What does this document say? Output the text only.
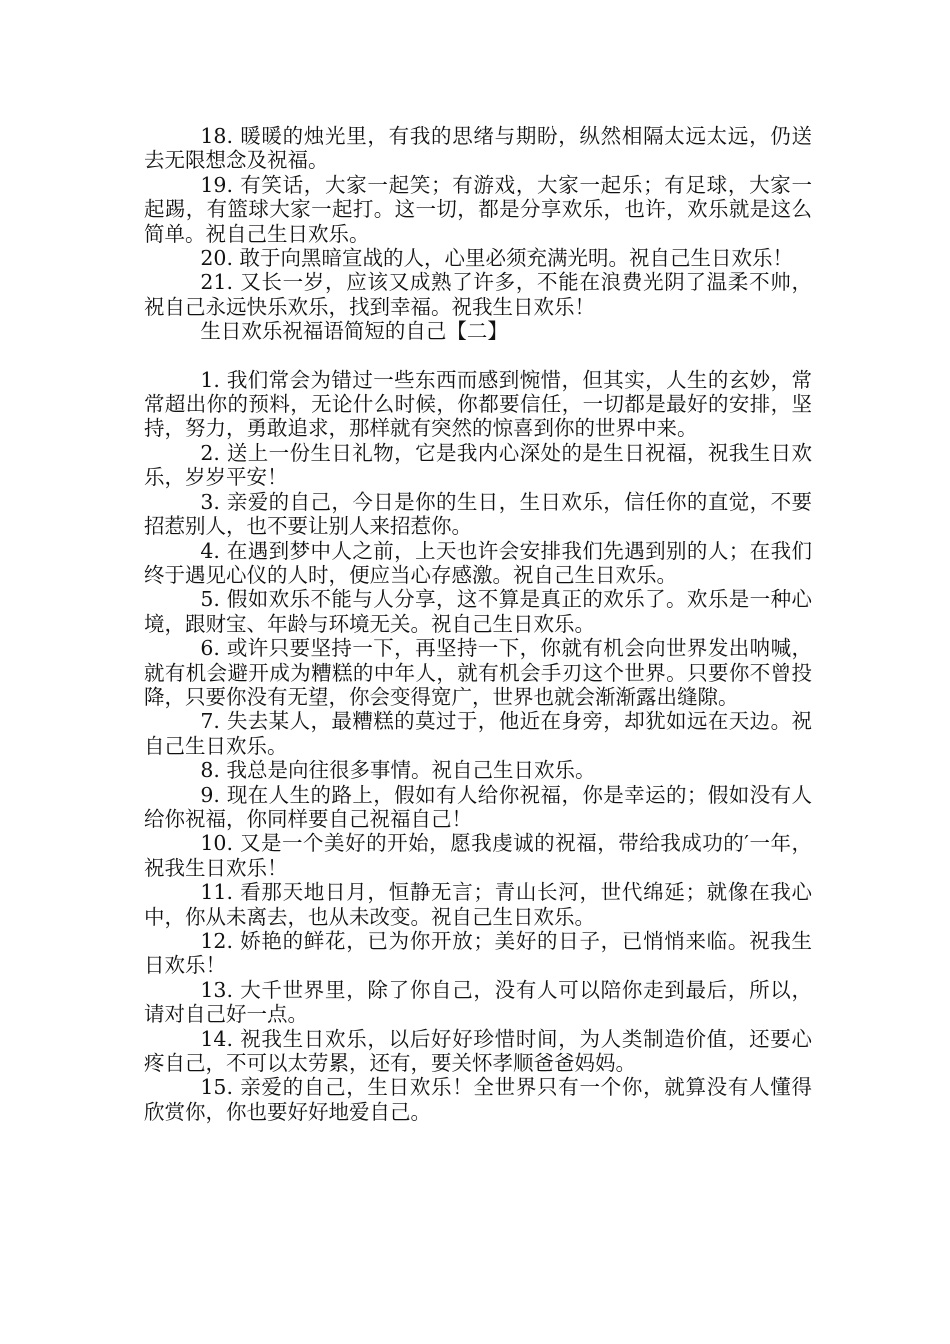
18. 暖暖的烛光里，有我的思绪与期盼，纵然相隔太远太远，仍送去无限想念及祝福。

19. 有笑话，大家一起笑；有游戏，大家一起乐；有足球，大家一起踢，有篮球大家一起打。这一切，都是分享欢乐，也许，欢乐就是这么简单。祝自己生日欢乐。

20. 敢于向黑暗宣战的人，心里必须充满光明。祝自己生日欢乐！

21. 又长一岁，应该又成熟了许多，不能在浪费光阴了温柔不帅，祝自己永远快乐欢乐，找到幸福。祝我生日欢乐！

生日欢乐祝福语简短的自己【二】

1. 我们常会为错过一些东西而感到惋惜，但其实，人生的玄妙，常常超出你的预料，无论什么时候，你都要信任，一切都是最好的安排，坚持，努力，勇敢追求，那样就有突然的惊喜到你的世界中来。

2. 送上一份生日礼物，它是我内心深处的是生日祝福，祝我生日欢乐，岁岁平安！

3. 亲爱的自己，今日是你的生日，生日欢乐，信任你的直觉，不要招惹别人，也不要让别人来招惹你。

4. 在遇到梦中人之前，上天也许会安排我们先遇到别的人；在我们终于遇见心仪的人时，便应当心存感激。祝自己生日欢乐。

5. 假如欢乐不能与人分享，这不算是真正的欢乐了。欢乐是一种心境，跟财宝、年龄与环境无关。祝自己生日欢乐。

6. 或许只要坚持一下，再坚持一下，你就有机会向世界发出呐喊，就有机会避开成为糟糕的中年人，就有机会手刃这个世界。只要你不曾投降，只要你没有无望，你会变得宽广，世界也就会渐渐露出缝隙。

7. 失去某人，最糟糕的莫过于，他近在身旁，却犹如远在天边。祝自己生日欢乐。

8. 我总是向往很多事情。祝自己生日欢乐。

9. 现在人生的路上，假如有人给你祝福，你是幸运的；假如没有人给你祝福，你同样要自己祝福自己！

10. 又是一个美好的开始，愿我虔诚的祝福，带给我成功的′一年，祝我生日欢乐！

11. 看那天地日月，恒静无言；青山长河，世代绵延；就像在我心中，你从未离去，也从未改变。祝自己生日欢乐。

12. 娇艳的鲜花，已为你开放；美好的日子，已悄悄来临。祝我生日欢乐！

13. 大千世界里，除了你自己，没有人可以陪你走到最后，所以，请对自己好一点。

14. 祝我生日欢乐，以后好好珍惜时间，为人类制造价值，还要心疼自己，不可以太劳累，还有，要关怀孝顺爸爸妈妈。

15. 亲爱的自己，生日欢乐！全世界只有一个你，就算没有人懂得欣赏你，你也要好好地爱自己。
